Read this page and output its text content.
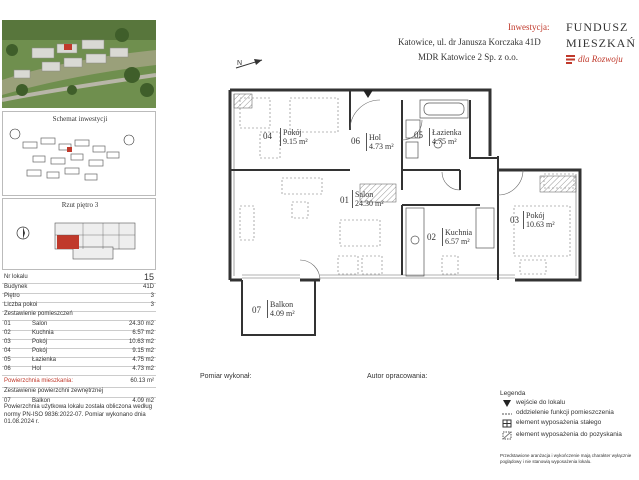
Schemat inwestycji
Rzut piętro 3
Nr lokalu	15
Budynek	41D
Piętro	3
Liczba pokoi	3
Zestawienie pomieszczeń
01	Salon	24.30 m2
02	Kuchnia	6.57 m2
03	Pokój	10.63 m2
04	Pokój	9.15 m2
05	Łazienka	4.75 m2
06	Hol	4.73 m2
Powierzchnia mieszkania:	60.13 m²
Zestawienie powierzchni zewnętrznej
07	Balkon	4.09 m2
Powierzchnia użytkowa lokalu została obliczona według normy PN-ISO 9836:2022-07. Pomiar wykonano dnia 01.08.2024 r.
Inwestycja:
Katowice, ul. dr Janusza Korczaka 41D
MDR Katowice 2 Sp. z o.o.
FUNDUSZ
MIESZKAŃ
dla Rozwoju
N
04 Pokój
9.15 m²	06 Hol
4.73 m²
05 Łazienka
4.75 m²
01
Salon
24.30 m²
02 Kuchnia
6.57 m²
03 Pokój
10.63 m²
07
Balkon
4.09 m²
Pomiar wykonał:	Autor opracowania:
Legenda
wejście do lokalu
oddzielenie funkcji pomieszczenia
element wyposażenia stałego
element wyposażenia do pozyskania
Przedstawione aranżacja i wykończenie mają charakter wyłącznie poglądowy i nie stanowią wyposażenia lokalu.
